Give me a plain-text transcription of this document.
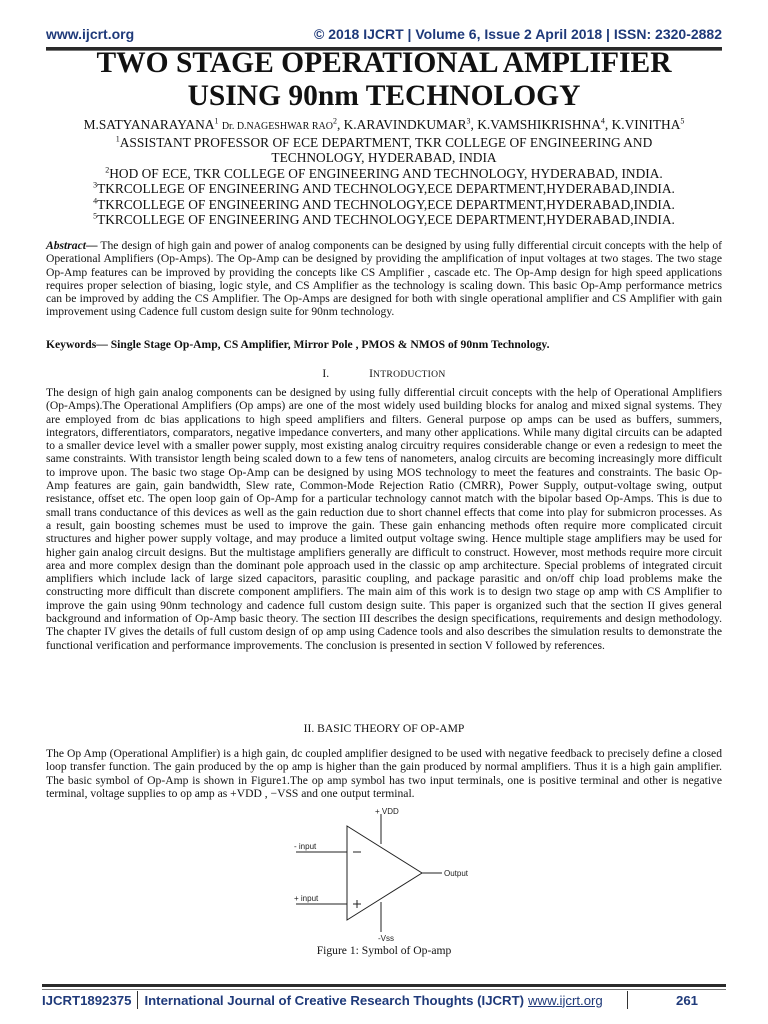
www.ijcrt.org	© 2018 IJCRT | Volume 6, Issue 2 April 2018 | ISSN: 2320-2882
TWO STAGE OPERATIONAL AMPLIFIER
USING 90nm TECHNOLOGY
M.SATYANARAYANA$^1$ Dr. D.NAGESHWAR RAO$^2$, K.ARAVINDKUMAR$^3$, K.VAMSHIKRISHNA$^4$, K.VINITHA$^5$
$^1$ASSISTANT PROFESSOR OF ECE DEPARTMENT, TKR COLLEGE OF ENGINEERING AND
TECHNOLOGY, HYDERABAD, INDIA
$^2$HOD OF ECE, TKR COLLEGE OF ENGINEERING AND TECHNOLOGY, HYDERABAD, INDIA.
$^3$TKRCOLLEGE OF ENGINEERING AND TECHNOLOGY,ECE DEPARTMENT,HYDERABAD,INDIA.
$^4$TKRCOLLEGE OF ENGINEERING AND TECHNOLOGY,ECE DEPARTMENT,HYDERABAD,INDIA.
$^5$TKRCOLLEGE OF ENGINEERING AND TECHNOLOGY,ECE DEPARTMENT,HYDERABAD,INDIA.
Abstract— The design of high gain and power of analog components can be designed by using fully differential circuit concepts with the help of Operational Amplifiers (Op-Amps). The Op-Amp can be designed by providing the amplification of input voltages at two stages. The two stage Op-Amp features can be improved by providing the concepts like CS Amplifier , cascade etc. The Op-Amp design for high speed applications requires proper selection of biasing, logic style, and CS Amplifier as the technology is scaling down. This basic Op-Amp performance metrics can be improved by adding the CS Amplifier. The Op-Amps are designed for both with single operational amplifier and CS Amplifier with gain improvement using Cadence full custom design suite for 90nm technology.
Keywords— Single Stage Op-Amp, CS Amplifier, Mirror Pole , PMOS & NMOS of 90nm Technology.
I.	INTRODUCTION
The design of high gain analog components can be designed by using fully differential circuit concepts with the help of Operational Amplifiers (Op-Amps).The Operational Amplifiers (Op amps) are one of the most widely used building blocks for analog and mixed signal systems. They are employed from dc bias applications to high speed amplifiers and filters. General purpose op amps can be used as buffers, summers, integrators, differentiators, comparators, negative impedance converters, and many other applications. While many digital circuits can be adapted to a smaller device level with a smaller power supply, most existing analog circuitry requires considerable change or even a redesign to meet the same constraints. With transistor length being scaled down to a few tens of nanometers, analog circuits are becoming increasingly more difficult to improve upon. The basic two stage Op-Amp can be designed by using MOS technology to meet the features and constraints. The basic Op-Amp features are gain, gain bandwidth, Slew rate, Common-Mode Rejection Ratio (CMRR), Power Supply, output-voltage swing, output resistance, offset etc. The open loop gain of Op-Amp for a particular technology cannot match with the bipolar based Op-Amps. This is due to small trans conductance of this devices as well as the gain reduction due to short channel effects that come into play for submicron processes. As a result, gain boosting schemes must be used to improve the gain. These gain enhancing methods often require more complicated circuit structures and higher power supply voltage, and may produce a limited output voltage swing. Hence multiple stage amplifiers may be used for higher gain analog circuit designs. But the multistage amplifiers generally are difficult to construct. However, most methods require more circuit area and more complex design than the dominant pole approach used in the classic op amp architecture. Special problems of integrated circuit amplifiers which include lack of large sized capacitors, parasitic coupling, and package parasitic and on/off chip load problems make the constructing more difficult than discrete component amplifiers. The main aim of this work is to design two stage op amp with CS Amplifier to improve the gain using 90nm technology and cadence full custom design suite. This paper is organized such that the section II gives general background and information of Op-Amp basic theory. The section III describes the design specifications, requirements and design methodology. The chapter IV gives the details of full custom design of op amp using Cadence tools and also describes the simulation results to demonstrate the functional verification and performance improvements. The conclusion is presented in section V followed by references.
II. BASIC THEORY OF OP-AMP
The Op Amp (Operational Amplifier) is a high gain, dc coupled amplifier designed to be used with negative feedback to precisely define a closed loop transfer function. The gain produced by the op amp is higher than the gain produced by normal amplifiers. Thus it is a high gain amplifier. The basic symbol of Op-Amp is shown in Figure1.The op amp symbol has two input terminals, one is positive terminal and other is negative terminal, voltage supplies to op amp as +VDD , −VSS and one output terminal.
+ VDD
- input
+ input
Output
-Vss
Figure 1: Symbol of Op-amp
IJCRT1892375 International Journal of Creative Research Thoughts (IJCRT) www.ijcrt.org	261
